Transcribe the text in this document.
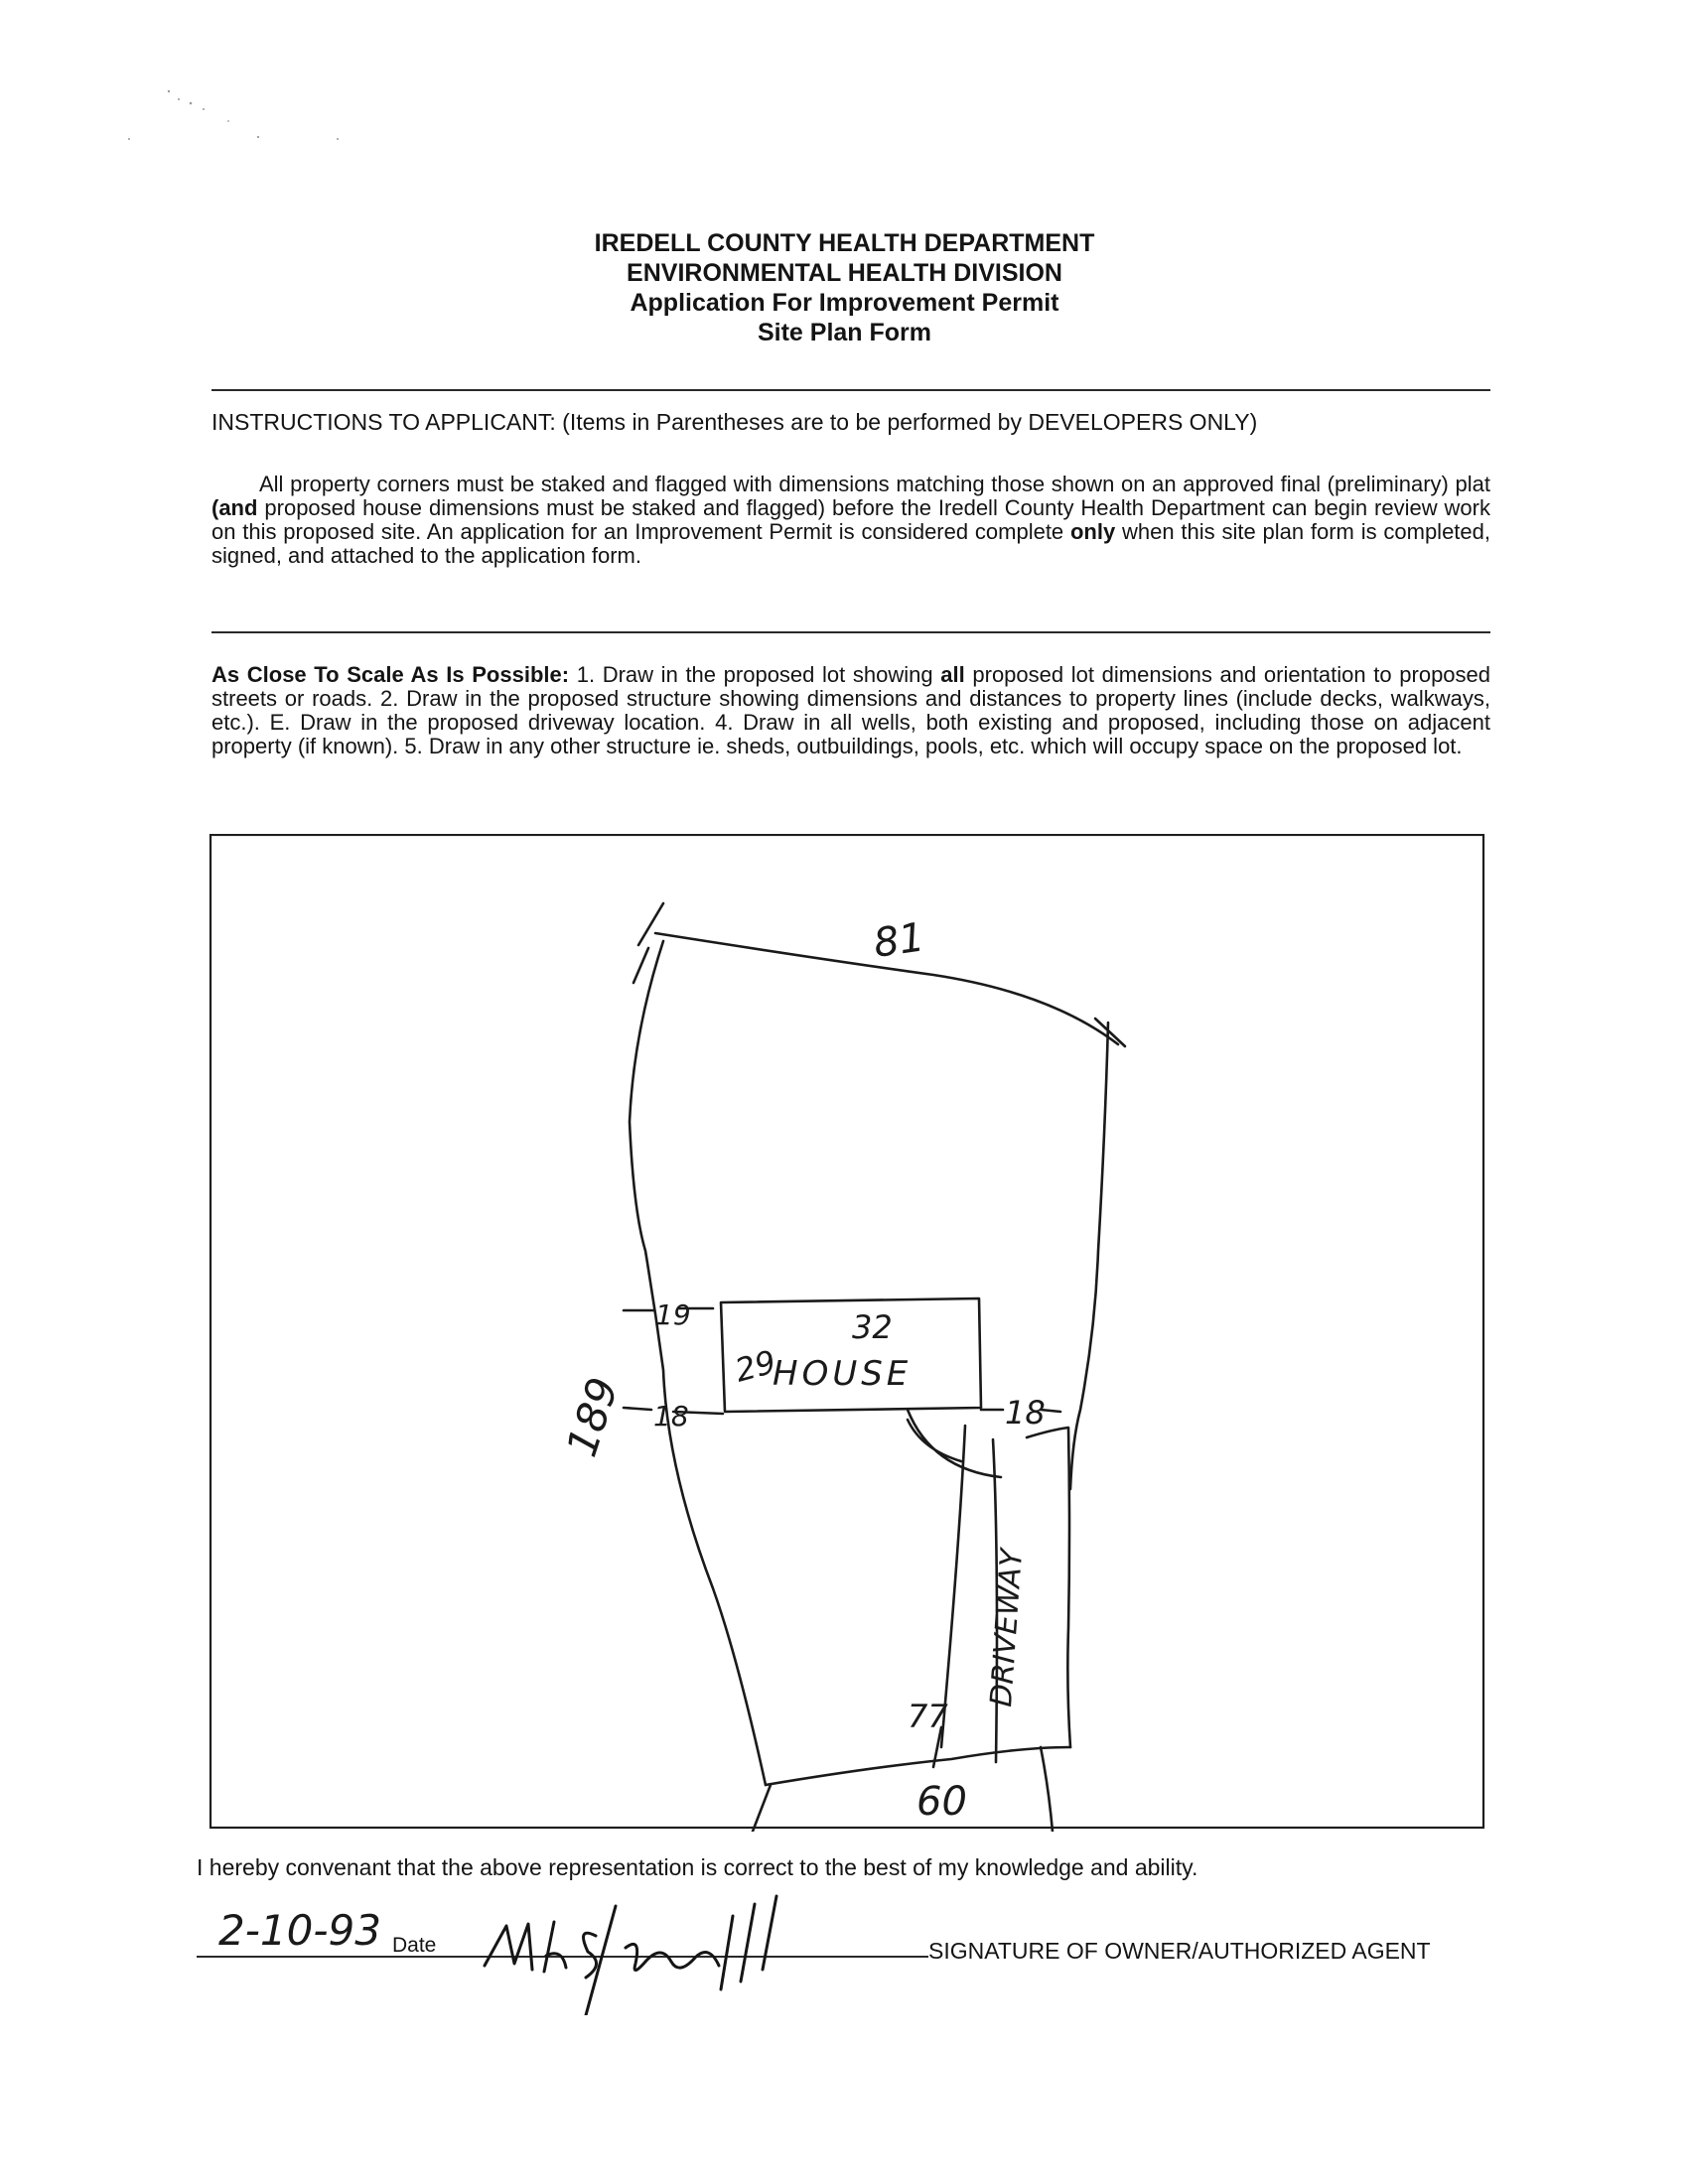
IREDELL COUNTY HEALTH DEPARTMENT
ENVIRONMENTAL HEALTH DIVISION
Application For Improvement Permit
Site Plan Form
INSTRUCTIONS TO APPLICANT: (Items in Parentheses are to be performed by DEVELOPERS ONLY)
All property corners must be staked and flagged with dimensions matching those shown on an approved final (preliminary) plat (and proposed house dimensions must be staked and flagged) before the Iredell County Health Department can begin review work on this proposed site. An application for an Improvement Permit is considered complete only when this site plan form is completed, signed, and attached to the application form.
As Close To Scale As Is Possible: 1. Draw in the proposed lot showing all proposed lot dimensions and orientation to proposed streets or roads. 2. Draw in the proposed structure showing dimensions and distances to property lines (include decks, walkways, etc.). E. Draw in the proposed driveway location. 4. Draw in all wells, both existing and proposed, including those on adjacent property (if known). 5. Draw in any other structure ie. sheds, outbuildings, pools, etc. which will occupy space on the proposed lot.
81
189	HOUSE
32
29
19
18	18
DRIVEWAY
77
60
I hereby convenant that the above representation is correct to the best of my knowledge and ability.
2-10-93 Date	SIGNATURE OF OWNER/AUTHORIZED AGENT
